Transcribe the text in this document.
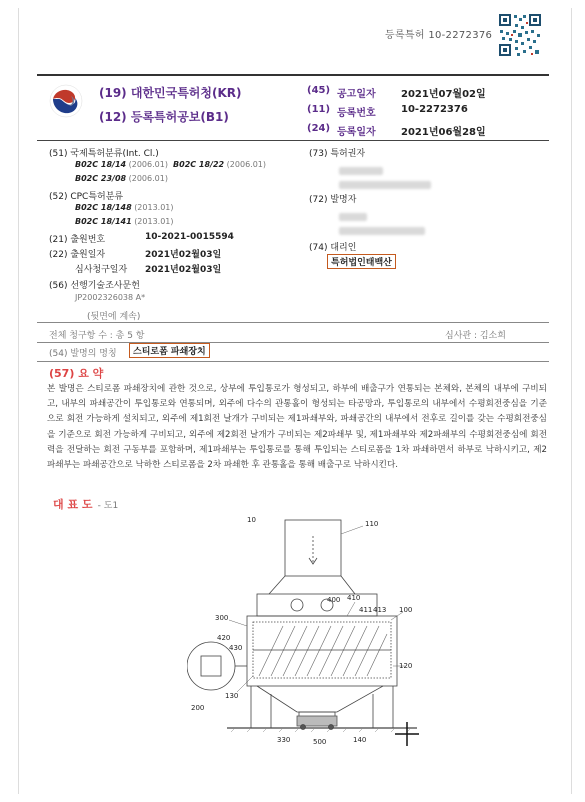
등록특허 10-2272376
(19) 대한민국특허청(KR)
(12) 등록특허공보(B1)
(45) 공고일자	2021년07월02일
(11) 등록번호	10-2272376
(24) 등록일자	2021년06월28일
(51) 국제특허분류(Int. Cl.)
B02C 18/14 (2006.01) B02C 18/22 (2006.01)
B02C 23/08 (2006.01)
(52) CPC특허분류
B02C 18/148 (2013.01)
B02C 18/141 (2013.01)
(21) 출원번호	10-2021-0015594
(22) 출원일자	2021년02월03일
심사청구일자 2021년02월03일
(56) 선행기술조사문헌
JP2002326038 A*
(뒷면에 계속)
(73) 특허권자
(72) 발명자
(74) 대리인
특허법인태백산
전체 청구항 수 : 총 5 항	심사관 : 김소희
(54) 발명의 명칭	스티로폼 파쇄장치
(57) 요 약
본 발명은 스티로폼 파쇄장치에 관한 것으로, 상부에 투입통로가 형성되고, 하부에 배출구가 연통되는 본체와, 본체의 내부에 구비되고, 내부의 파쇄공간이 투입통로와 연통되며, 외주에 다수의 관통홀이 형성되는 타공망과, 투입통로의 내부에서 수평회전중심을 기준으로 회전 가능하게 설치되고, 외주에 제1회전 날개가 구비되는 제1파쇄부와, 파쇄공간의 내부에서 전후로 길이를 갖는 수평회전중심을 기준으로 회전 가능하게 구비되고, 외주에 제2회전 날개가 구비되는 제2파쇄부 및, 제1파쇄부와 제2파쇄부의 수평회전중심에 회전력을 전달하는 회전 구동부를 포함하며, 제1파쇄부는 투입통로를 통해 투입되는 스티로폼을 1차 파쇄하면서 하부로 낙하시키고, 제2파쇄부는 파쇄공간으로 낙하한 스티로폼을 2차 파쇄한 후 관통홀을 통해 배출구로 낙하시킨다.
대 표 도 - 도1
10	110
400 410
411 413 100
300
420
430
200
130
120
330	500	140
